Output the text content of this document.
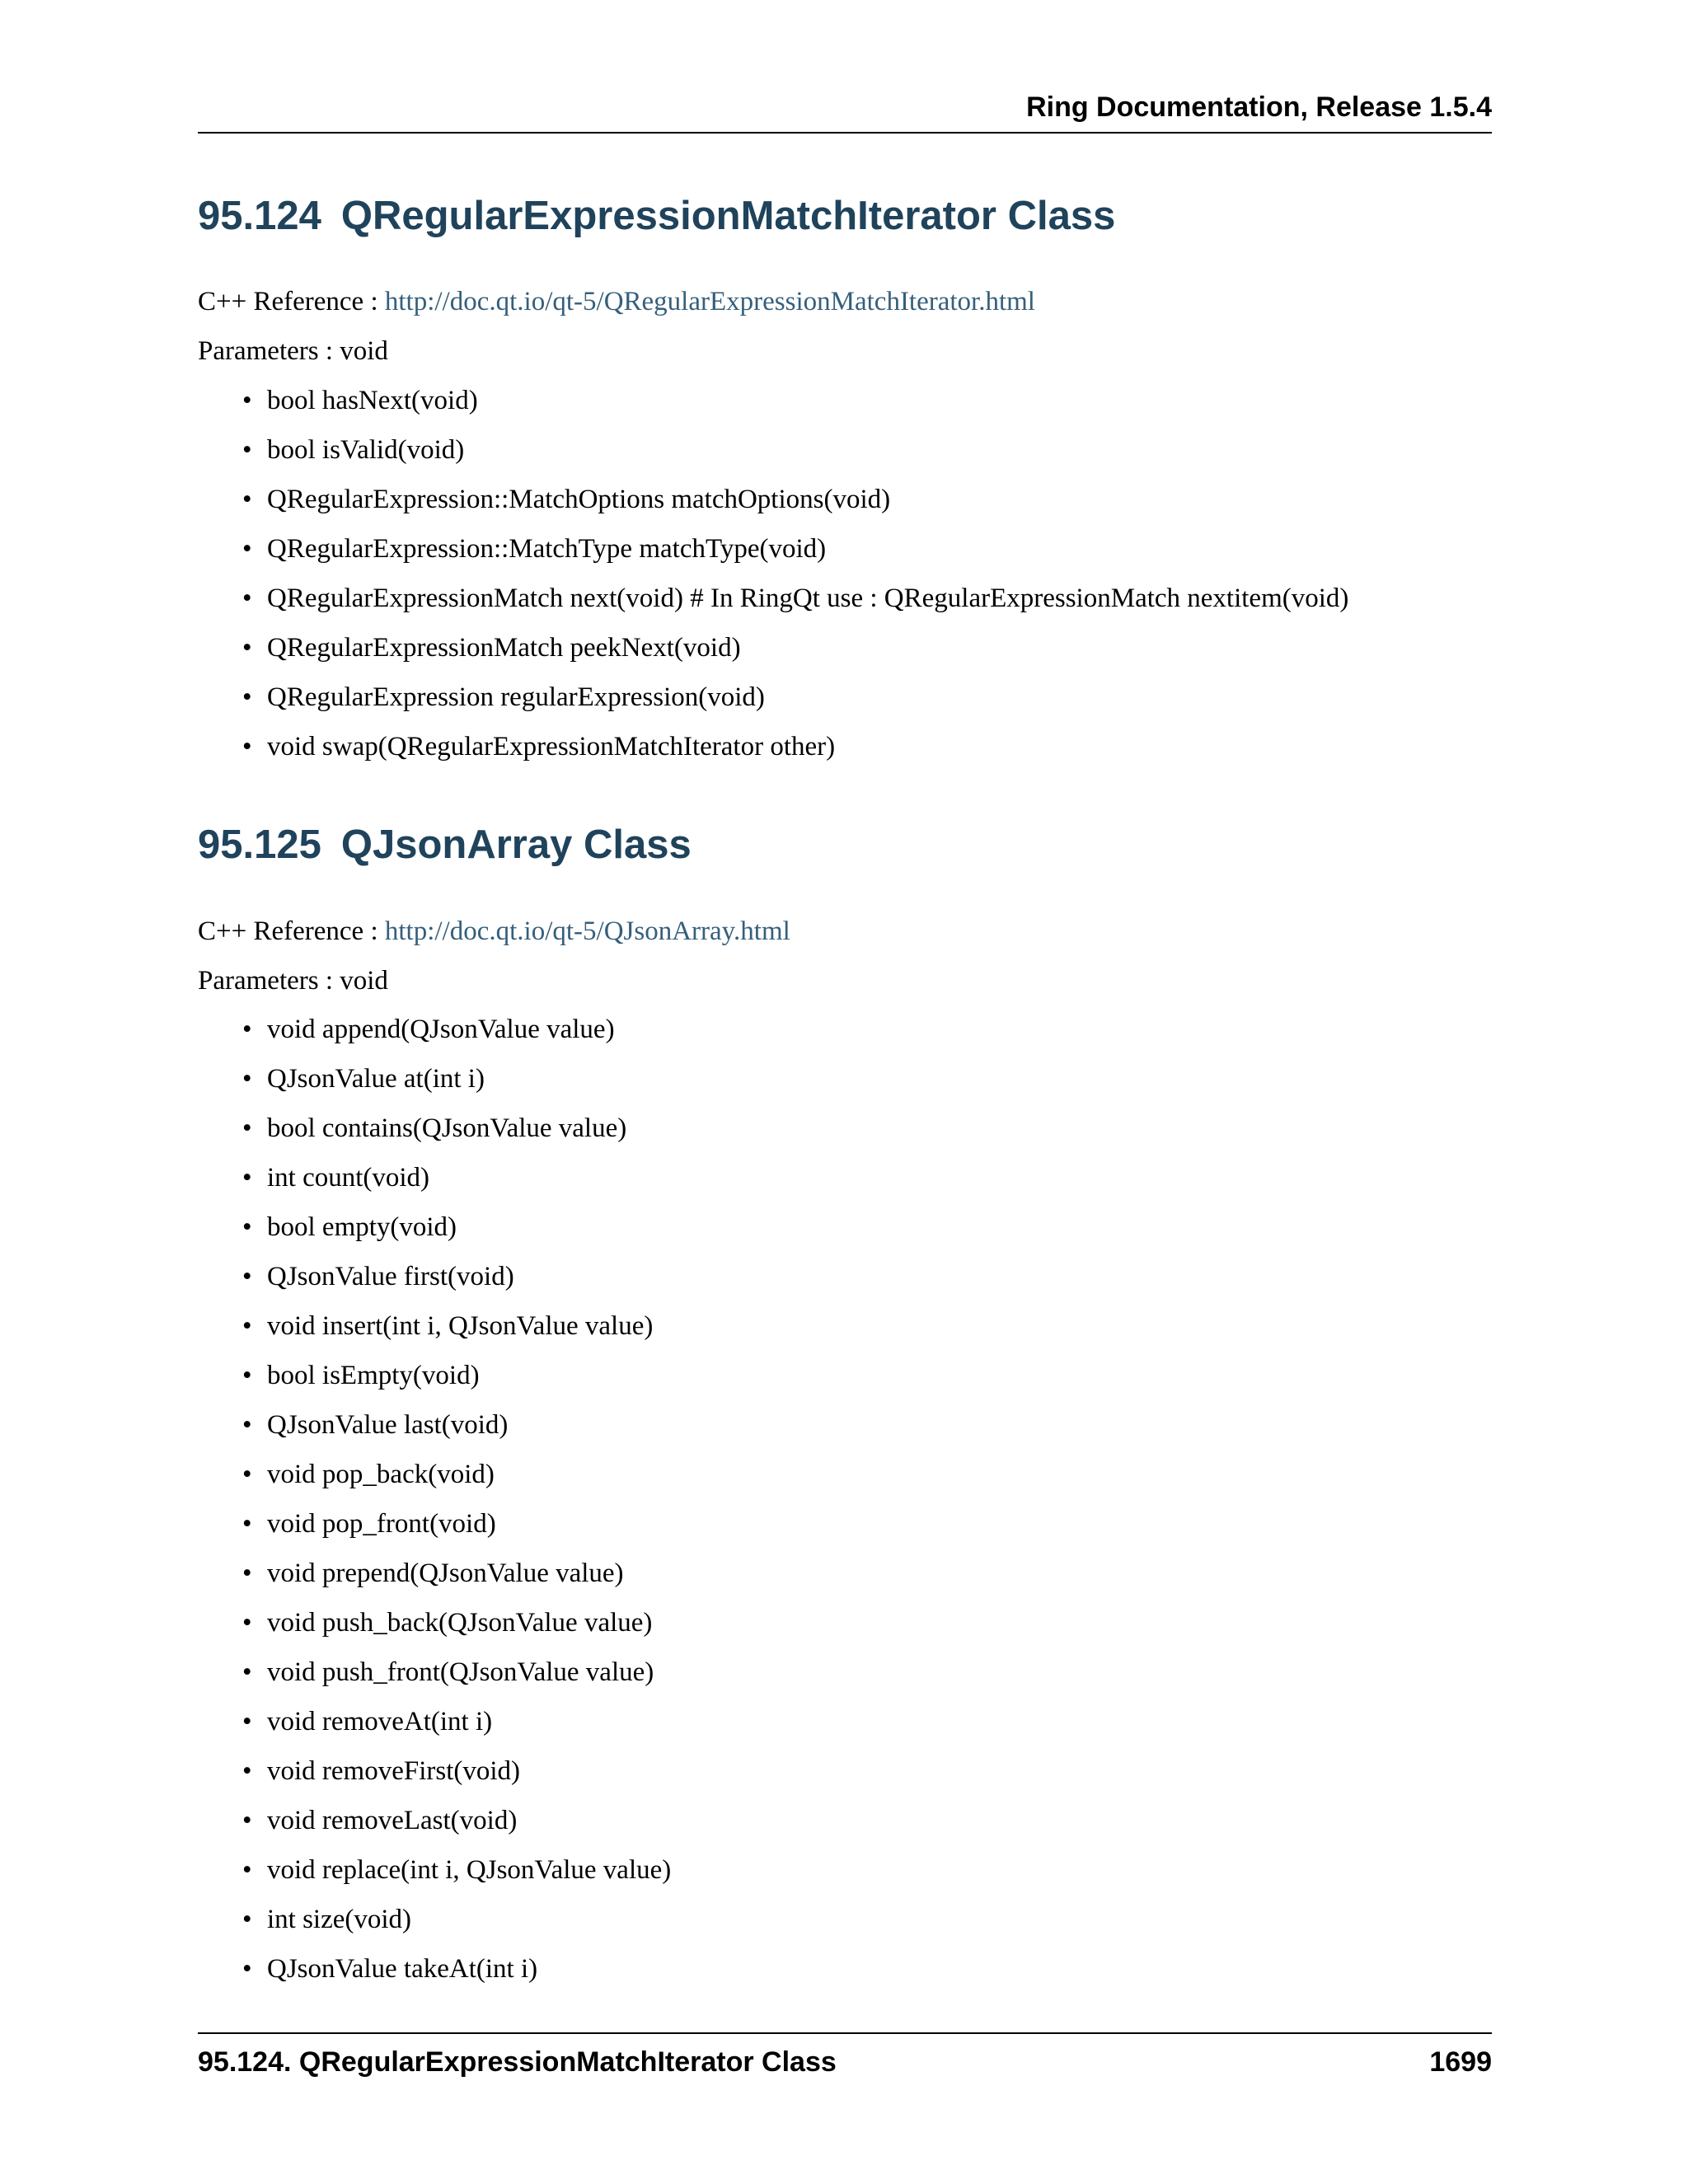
Ring Documentation, Release 1.5.4
95.124 QRegularExpressionMatchIterator Class
C++ Reference : http://doc.qt.io/qt-5/QRegularExpressionMatchIterator.html
Parameters : void
• bool hasNext(void)
• bool isValid(void)
• QRegularExpression::MatchOptions matchOptions(void)
• QRegularExpression::MatchType matchType(void)
• QRegularExpressionMatch next(void) # In RingQt use : QRegularExpressionMatch nextitem(void)
• QRegularExpressionMatch peekNext(void)
• QRegularExpression regularExpression(void)
• void swap(QRegularExpressionMatchIterator other)
95.125 QJsonArray Class
C++ Reference : http://doc.qt.io/qt-5/QJsonArray.html
Parameters : void
• void append(QJsonValue value)
• QJsonValue at(int i)
• bool contains(QJsonValue value)
• int count(void)
• bool empty(void)
• QJsonValue first(void)
• void insert(int i, QJsonValue value)
• bool isEmpty(void)
• QJsonValue last(void)
• void pop_back(void)
• void pop_front(void)
• void prepend(QJsonValue value)
• void push_back(QJsonValue value)
• void push_front(QJsonValue value)
• void removeAt(int i)
• void removeFirst(void)
• void removeLast(void)
• void replace(int i, QJsonValue value)
• int size(void)
• QJsonValue takeAt(int i)
95.124. QRegularExpressionMatchIterator Class	1699
